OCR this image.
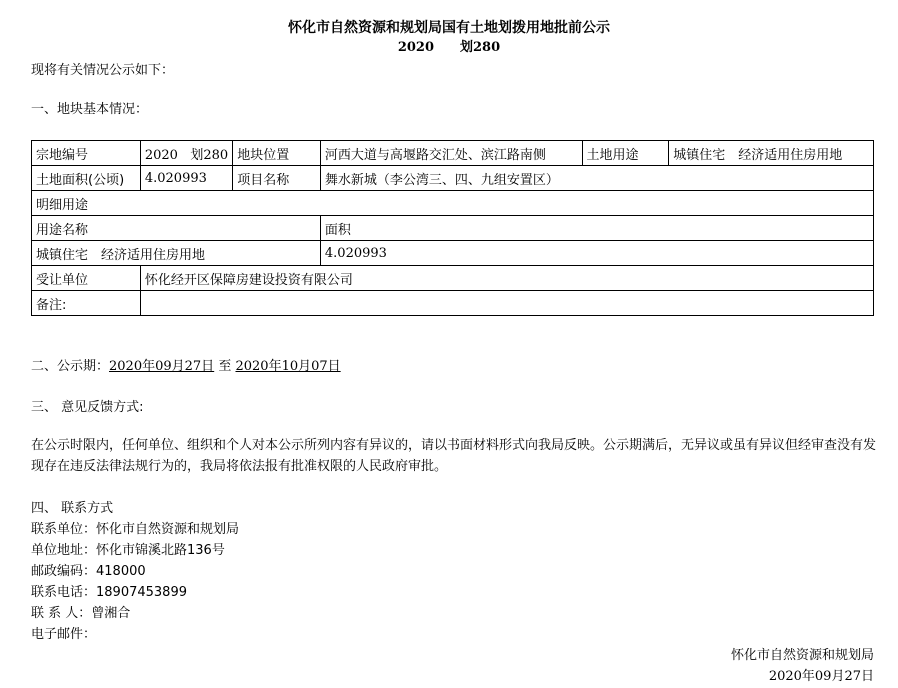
怀化市自然资源和规划局国有土地划拨用地批前公示
2020 划280
现将有关情况公示如下：
一、地块基本情况：
宗地编号	2020 划280	地块位置	河西大道与高堰路交汇处、滨江路南侧	土地用途	城镇住宅　经济适用住房用地
土地面积(公顷)	4.020993	项目名称	舞水新城（李公湾三、四、九组安置区）		
明细用途					
用途名称			面积		
城镇住宅　经济适用住房用地			4.020993		
受让单位	怀化经开区保障房建设投资有限公司				
备注:					
二、公示期：2020年09月27日 至 2020年10月07日
三、 意见反馈方式:
在公示时限内，任何单位、组织和个人对本公示所列内容有异议的，请以书面材料形式向我局反映。公示期满后，无异议或虽有异议但经审查没有发现存在违反法律法规行为的，我局将依法报有批准权限的人民政府审批。
四、 联系方式
联系单位：怀化市自然资源和规划局
单位地址：怀化市锦溪北路136号
邮政编码：418000
联系电话：18907453899
联 系 人：曾湘合
电子邮件：
怀化市自然资源和规划局
2020年09月27日
